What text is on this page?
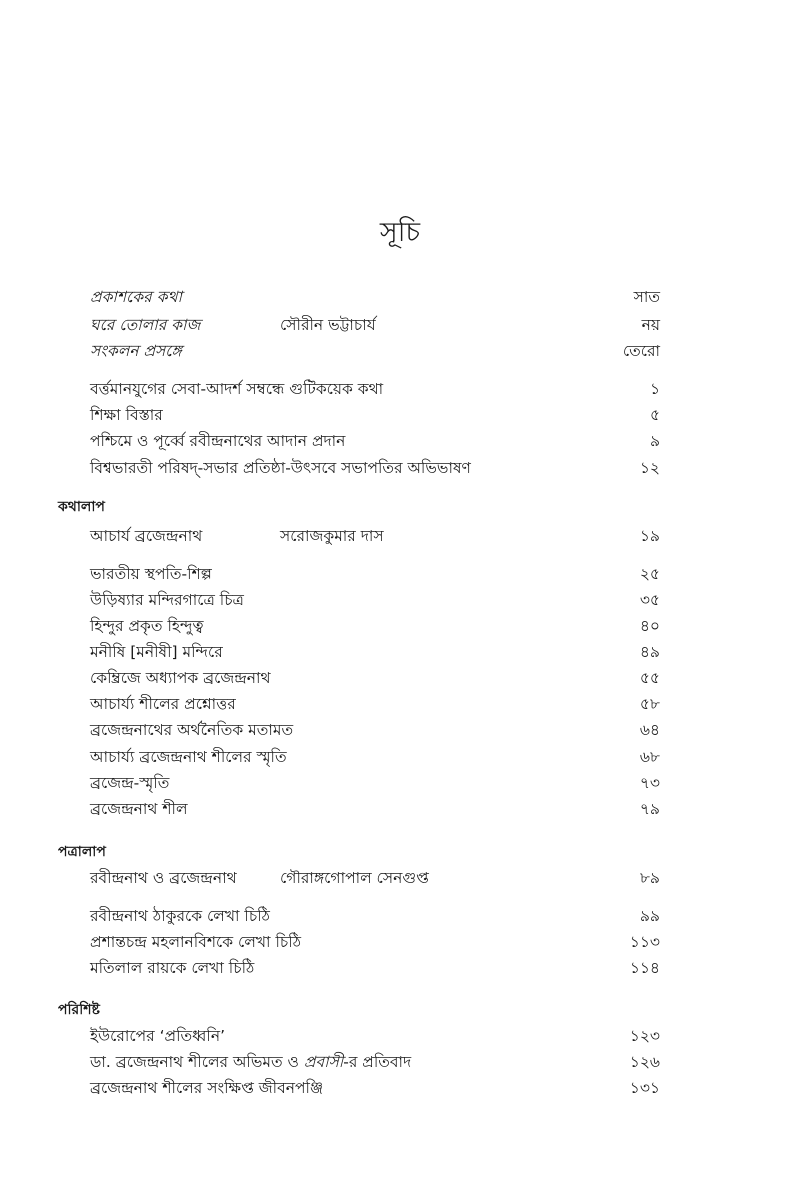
সূচি
প্রকাশকের কথা	সাত
ঘরে তোলার কাজ	সৌরীন ভট্টাচার্য	নয়
সংকলন প্রসঙ্গে	তেরো
বর্ত্তমানযুগের সেবা-আদর্শ সম্বন্ধে গুটিকয়েক কথা	১
শিক্ষা বিস্তার	৫
পশ্চিমে ও পূর্ব্বে রবীন্দ্রনাথের আদান প্রদান	৯
বিশ্বভারতী পরিষদ্‌-সভার প্রতিষ্ঠা-উৎসবে সভাপতির অভিভাষণ	১২
কথালাপ
আচার্য ব্রজেন্দ্রনাথ	সরোজকুমার দাস	১৯
ভারতীয় স্থপতি-শিল্প	২৫
উড়িষ্যার মন্দিরগাত্রে চিত্র	৩৫
হিন্দুর প্রকৃত হিন্দুত্ব	৪০
মনীষি [মনীষী] মন্দিরে	৪৯
কেম্ব্রিজে অধ্যাপক ব্রজেন্দ্রনাথ	৫৫
আচার্য্য শীলের প্রশ্নোত্তর	৫৮
ব্রজেন্দ্রনাথের অর্থনৈতিক মতামত	৬৪
আচার্য্য ব্রজেন্দ্রনাথ শীলের স্মৃতি	৬৮
ব্রজেন্দ্র-স্মৃতি	৭৩
ব্রজেন্দ্রনাথ শীল	৭৯
পত্রালাপ
রবীন্দ্রনাথ ও ব্রজেন্দ্রনাথ	গৌরাঙ্গগোপাল সেনগুপ্ত	৮৯
রবীন্দ্রনাথ ঠাকুরকে লেখা চিঠি	৯৯
প্রশান্তচন্দ্র মহলানবিশকে লেখা চিঠি	১১৩
মতিলাল রায়কে লেখা চিঠি	১১৪
পরিশিষ্ট
ইউরোপের ‘প্রতিধ্বনি’	১২৩
ডা. ব্রজেন্দ্রনাথ শীলের অভিমত ও প্রবাসী-র প্রতিবাদ	১২৬
ব্রজেন্দ্রনাথ শীলের সংক্ষিপ্ত জীবনপঞ্জি	১৩১
